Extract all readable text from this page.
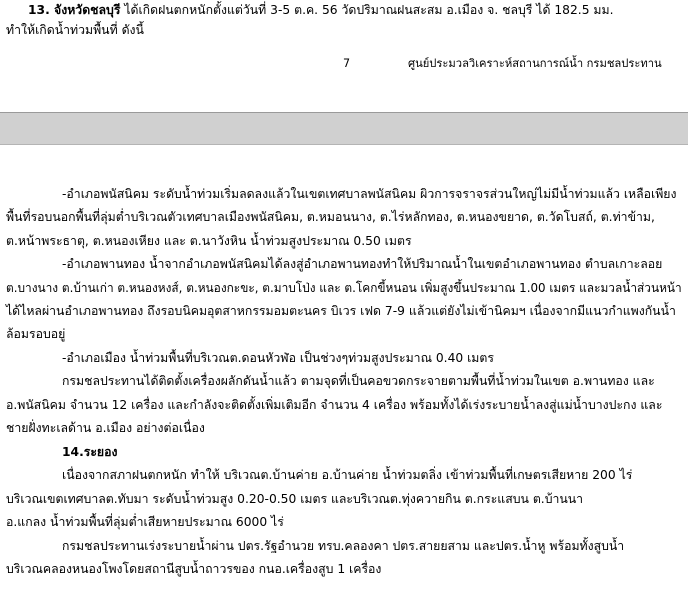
13. จังหวัดชลบุรี ได้เกิดฝนตกหนักตั้งแต่วันที่ 3-5 ต.ค. 56 วัดปริมาณฝนสะสม อ.เมือง จ. ชลบุรี ได้ 182.5 มม.
ทำให้เกิดน้ำท่วมพื้นที่ ดังนี้
7	ศูนย์ประมวลวิเคราะห์สถานการณ์น้ำ กรมชลประทาน
-อำเภอพนัสนิคม ระดับน้ำท่วมเริ่มลดลงแล้วในเขตเทศบาลพนัสนิคม ผิวการจราจรส่วนใหญ่ไม่มีน้ำท่วมแล้ว เหลือเพียง
พื้นที่รอบนอกพื้นที่ลุ่มต่ำบริเวณตัวเทศบาลเมืองพนัสนิคม, ต.หมอนนาง, ต.ไร่หลักทอง, ต.หนองขยาด, ต.วัดโบสถ์, ต.ท่าข้าม,
ต.หน้าพระธาตุ, ต.หนองเหียง และ ต.นาวังหิน น้ำท่วมสูงประมาณ 0.50 เมตร
-อำเภอพานทอง น้ำจากอำเภอพนัสนิคมได้ลงสู่อำเภอพานทองทำให้ปริมาณน้ำในเขตอำเภอพานทอง ตำบลเกาะลอย
ต.บางนาง ต.บ้านเก่า ต.หนองหงส์, ต.หนองกะขะ, ต.มาบโป่ง และ ต.โคกขี้หนอน เพิ่มสูงขึ้นประมาณ 1.00 เมตร และมวลน้ำส่วนหน้า
ได้ไหลผ่านอำเภอพานทอง ถึงรอบนิคมอุตสาหกรรมอมตะนคร บิเวร เฟด 7-9 แล้วแต่ยังไม่เข้านิคมฯ เนื่องจากมีแนวกำแพงกันน้ำ
ล้อมรอบอยู่
-อำเภอเมือง น้ำท่วมพื้นที่บริเวณต.ดอนหัวฬ่อ เป็นช่วงๆท่วมสูงประมาณ 0.40 เมตร
กรมชลประทานได้ติดตั้งเครื่องผลักดันน้ำแล้ว ตามจุดที่เป็นคอขวดกระจายตามพื้นที่น้ำท่วมในเขต อ.พานทอง และ
อ.พนัสนิคม จำนวน 12 เครื่อง และกำลังจะติดตั้งเพิ่มเติมอีก จำนวน 4 เครื่อง พร้อมทั้งได้เร่งระบายน้ำลงสู่แม่น้ำบางปะกง และ
ชายฝั่งทะเลด้าน อ.เมือง อย่างต่อเนื่อง
14.ระยอง
เนื่องจากสภาฝนตกหนัก ทำให้ บริเวณต.บ้านค่าย อ.บ้านค่าย น้ำท่วมตลิ่ง เข้าท่วมพื้นที่เกษตรเสียหาย 200 ไร่
บริเวณเขตเทศบาลต.ทับมา ระดับน้ำท่วมสูง 0.20-0.50 เมตร และบริเวณต.ทุ่งควายกิน ต.กระแสบน ต.บ้านนา
อ.แกลง น้ำท่วมพื้นที่ลุ่มต่ำเสียหายประมาณ 6000 ไร่
กรมชลประทานเร่งระบายน้ำผ่าน ปตร.รัฐอำนวย ทรบ.คลองคา ปตร.สายยสาม และปตร.น้ำหู พร้อมทั้งสูบน้ำ
บริเวณคลองหนองโพงโดยสถานีสูบน้ำถาวรของ กนอ.เครื่องสูบ 1 เครื่อง
